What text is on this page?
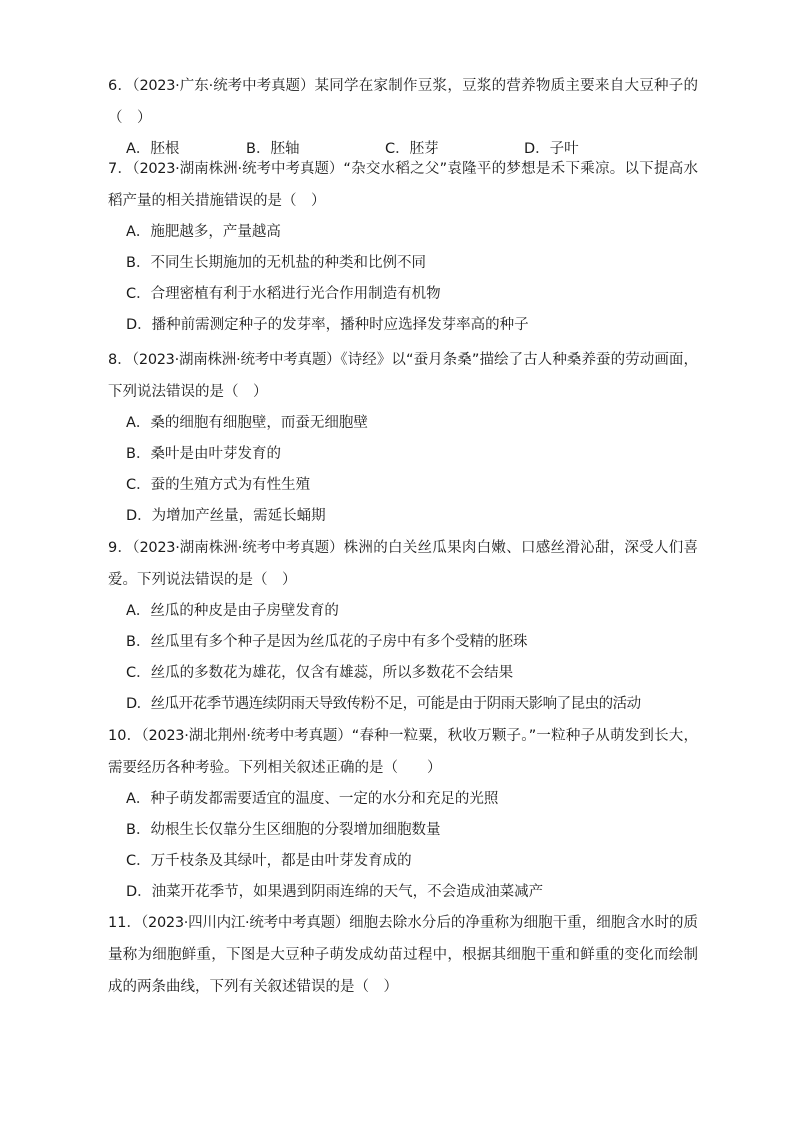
6．（2023·广东·统考中考真题）某同学在家制作豆浆，豆浆的营养物质主要来自大豆种子的（　）

A．胚根	B．胚轴	C．胚芽	D．子叶

7．（2023·湖南株洲·统考中考真题）“杂交水稻之父”袁隆平的梦想是禾下乘凉。以下提高水稻产量的相关措施错误的是（　）

A．施肥越多，产量越高

B．不同生长期施加的无机盐的种类和比例不同

C．合理密植有利于水稻进行光合作用制造有机物

D．播种前需测定种子的发芽率，播种时应选择发芽率高的种子

8．（2023·湖南株洲·统考中考真题）《诗经》以“蚕月条桑”描绘了古人种桑养蚕的劳动画面，下列说法错误的是（　）

A．桑的细胞有细胞壁，而蚕无细胞壁

B．桑叶是由叶芽发育的

C．蚕的生殖方式为有性生殖

D．为增加产丝量，需延长蛹期

9．（2023·湖南株洲·统考中考真题）株洲的白关丝瓜果肉白嫩、口感丝滑沁甜，深受人们喜爱。下列说法错误的是（　）

A．丝瓜的种皮是由子房壁发育的

B．丝瓜里有多个种子是因为丝瓜花的子房中有多个受精的胚珠

C．丝瓜的多数花为雄花，仅含有雄蕊，所以多数花不会结果

D．丝瓜开花季节遇连续阴雨天导致传粉不足，可能是由于阴雨天影响了昆虫的活动

10．（2023·湖北荆州·统考中考真题）“春种一粒粟，秋收万颗子。”一粒种子从萌发到长大，需要经历各种考验。下列相关叙述正确的是（　　）

A．种子萌发都需要适宜的温度、一定的水分和充足的光照

B．幼根生长仅靠分生区细胞的分裂增加细胞数量

C．万千枝条及其绿叶，都是由叶芽发育成的

D．油菜开花季节，如果遇到阴雨连绵的天气，不会造成油菜减产

11．（2023·四川内江·统考中考真题）细胞去除水分后的净重称为细胞干重，细胞含水时的质量称为细胞鲜重，下图是大豆种子萌发成幼苗过程中，根据其细胞干重和鲜重的变化而绘制成的两条曲线，下列有关叙述错误的是（　）
